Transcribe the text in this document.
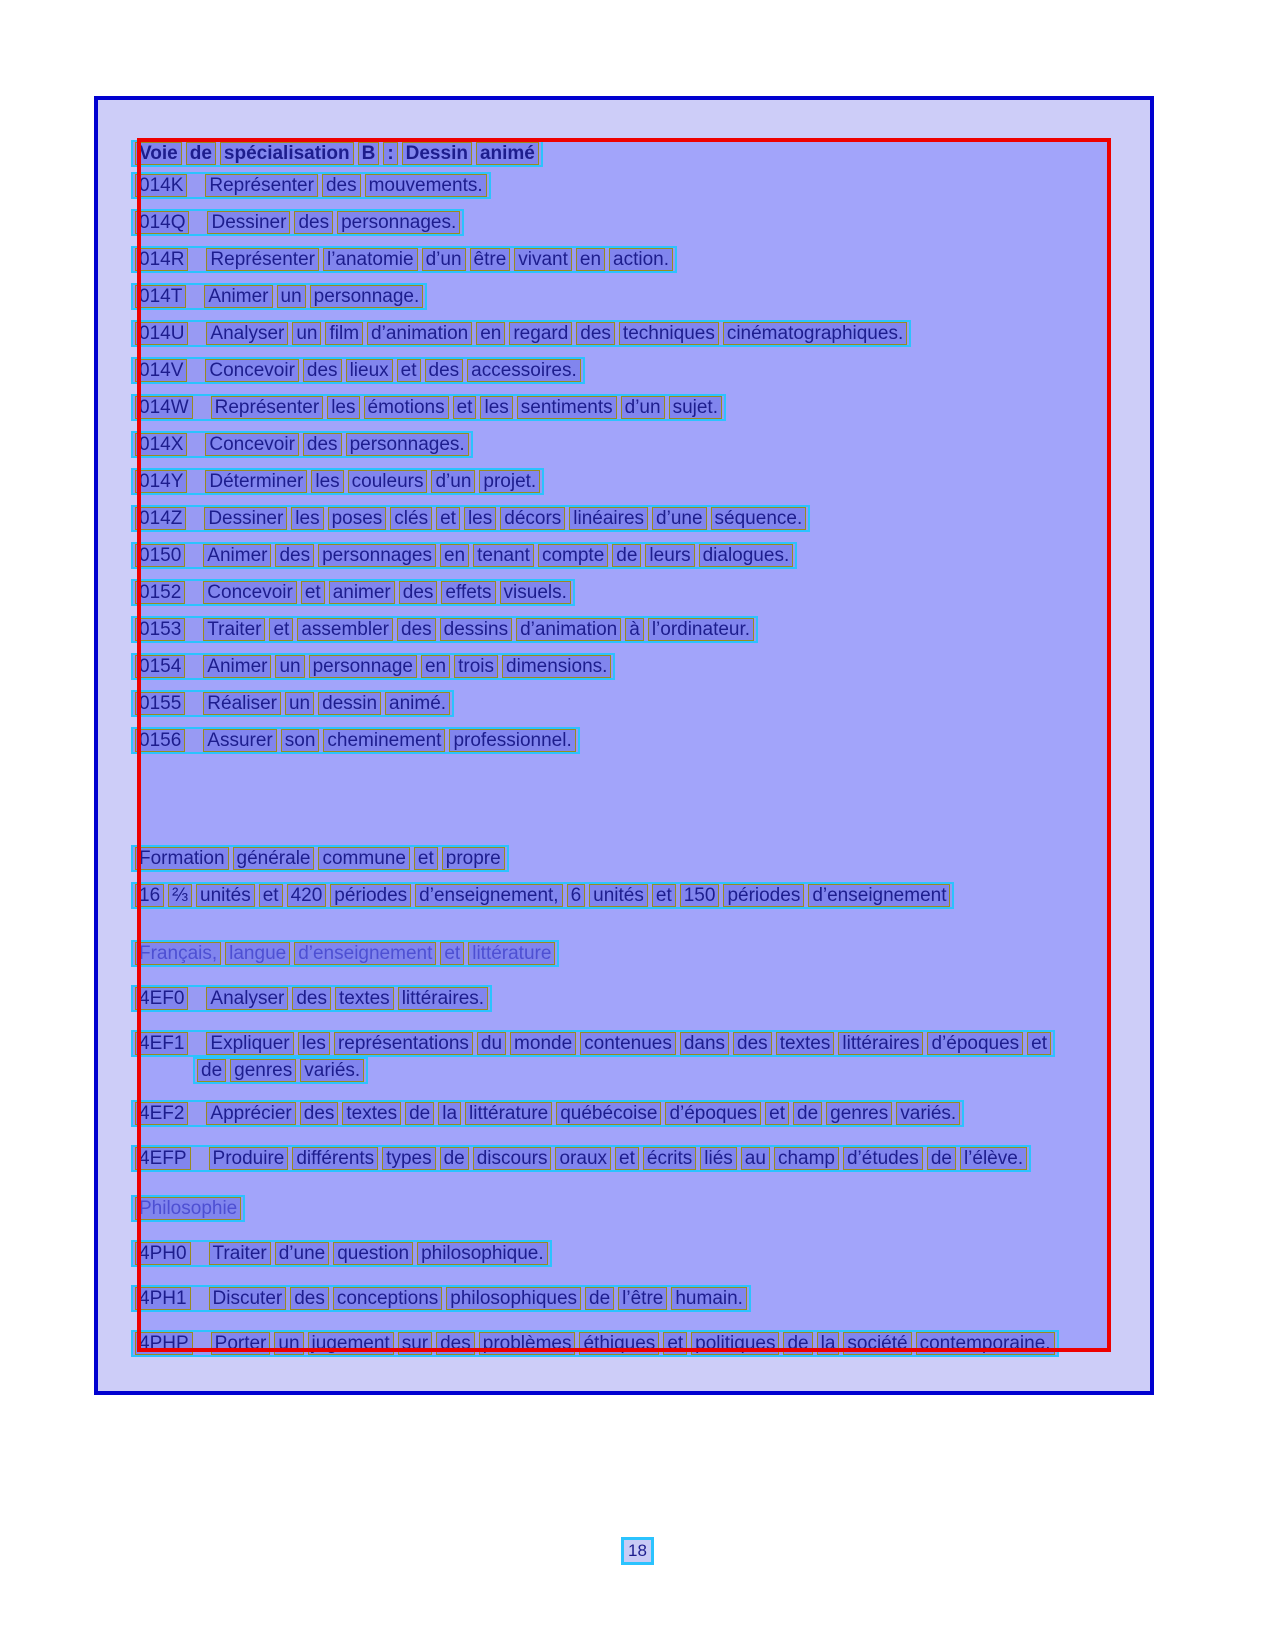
Voie de spécialisation B : Dessin animé
014K Représenter des mouvements.
014Q Dessiner des personnages.
014R Représenter l’anatomie d’un être vivant en action.
014T Animer un personnage.
014U Analyser un film d’animation en regard des techniques cinématographiques.
014V Concevoir des lieux et des accessoires.
014W Représenter les émotions et les sentiments d’un sujet.
014X Concevoir des personnages.
014Y Déterminer les couleurs d’un projet.
014Z Dessiner les poses clés et les décors linéaires d’une séquence.
0150 Animer des personnages en tenant compte de leurs dialogues.
0152 Concevoir et animer des effets visuels.
0153 Traiter et assembler des dessins d’animation à l’ordinateur.
0154 Animer un personnage en trois dimensions.
0155 Réaliser un dessin animé.
0156 Assurer son cheminement professionnel.
Formation générale commune et propre
16 ⅔ unités et 420 périodes d’enseignement, 6 unités et 150 périodes d’enseignement
Français, langue d’enseignement et littérature
4EF0 Analyser des textes littéraires.
4EF1 Expliquer les représentations du monde contenues dans des textes littéraires d’époques et
de genres variés.
4EF2 Apprécier des textes de la littérature québécoise d’époques et de genres variés.
4EFP Produire différents types de discours oraux et écrits liés au champ d’études de l’élève.
Philosophie
4PH0 Traiter d’une question philosophique.
4PH1 Discuter des conceptions philosophiques de l’être humain.
4PHP Porter un jugement sur des problèmes éthiques et politiques de la société contemporaine.
18
